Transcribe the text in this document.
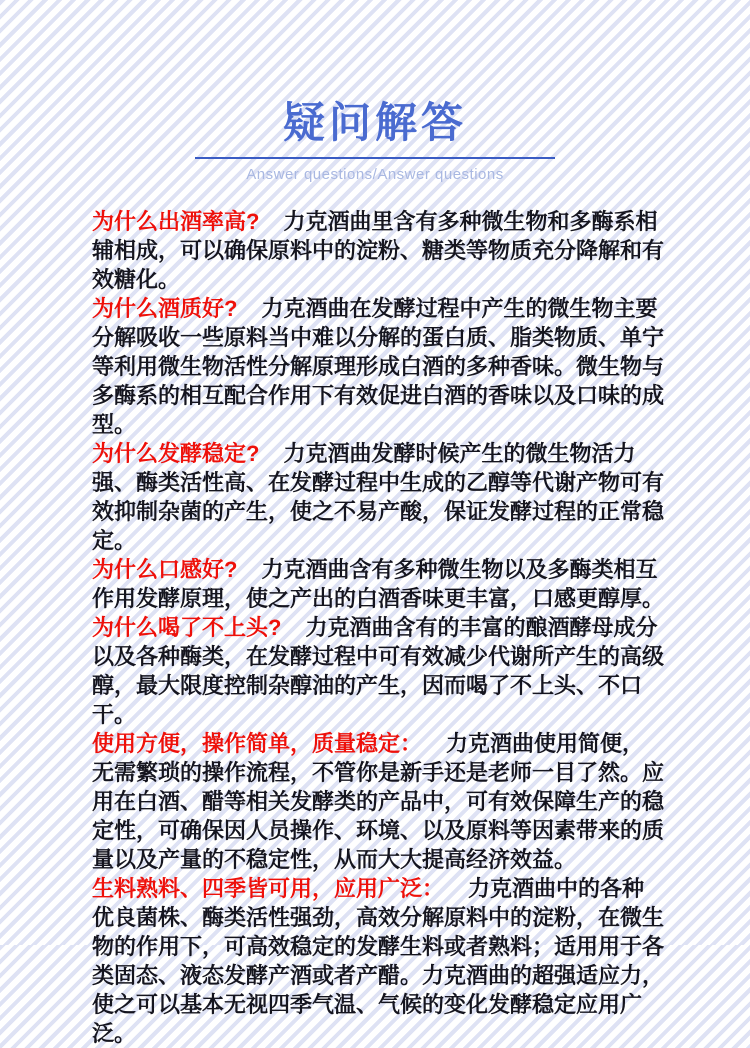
疑问解答
Answer questions/Answer questions

为什么出酒率高? 力克酒曲里含有多种微生物和多酶系相辅相成，可以确保原料中的淀粉、糖类等物质充分降解和有效糖化。

为什么酒质好? 力克酒曲在发酵过程中产生的微生物主要分解吸收一些原料当中难以分解的蛋白质、脂类物质、单宁等利用微生物活性分解原理形成白酒的多种香味。微生物与多酶系的相互配合作用下有效促进白酒的香味以及口味的成型。

为什么发酵稳定? 力克酒曲发酵时候产生的微生物活力强、酶类活性高、在发酵过程中生成的乙醇等代谢产物可有效抑制杂菌的产生，使之不易产酸，保证发酵过程的正常稳定。

为什么口感好? 力克酒曲含有多种微生物以及多酶类相互作用发酵原理，使之产出的白酒香味更丰富，口感更醇厚。

为什么喝了不上头? 力克酒曲含有的丰富的酿酒酵母成分以及各种酶类，在发酵过程中可有效减少代谢所产生的高级醇，最大限度控制杂醇油的产生，因而喝了不上头、不口干。

使用方便，操作简单，质量稳定： 力克酒曲使用简便，无需繁琐的操作流程，不管你是新手还是老师一目了然。应用在白酒、醋等相关发酵类的产品中，可有效保障生产的稳定性，可确保因人员操作、环境、以及原料等因素带来的质量以及产量的不稳定性，从而大大提高经济效益。

生料熟料、四季皆可用，应用广泛： 力克酒曲中的各种优良菌株、酶类活性强劲，高效分解原料中的淀粉，在微生物的作用下，可高效稳定的发酵生料或者熟料；适用用于各类固态、液态发酵产酒或者产醋。力克酒曲的超强适应力，使之可以基本无视四季气温、气候的变化发酵稳定应用广泛。
